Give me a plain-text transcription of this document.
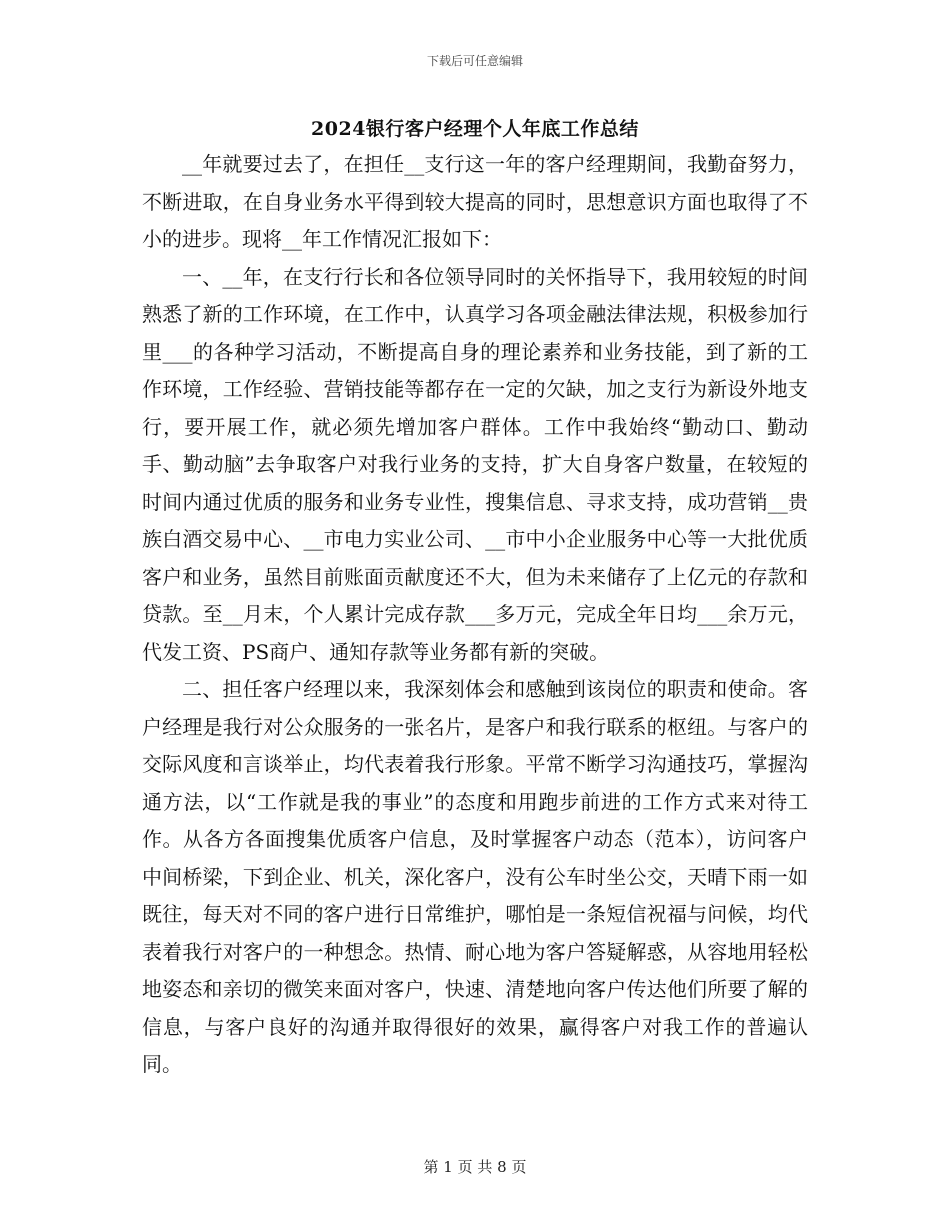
下载后可任意编辑
2024银行客户经理个人年底工作总结

__年就要过去了，在担任__支行这一年的客户经理期间，我勤奋努力，不断进取，在自身业务水平得到较大提高的同时，思想意识方面也取得了不小的进步。现将__年工作情况汇报如下：

一、__年，在支行行长和各位领导同时的关怀指导下，我用较短的时间熟悉了新的工作环境，在工作中，认真学习各项金融法律法规，积极参加行里___的各种学习活动，不断提高自身的理论素养和业务技能，到了新的工作环境，工作经验、营销技能等都存在一定的欠缺，加之支行为新设外地支行，要开展工作，就必须先增加客户群体。工作中我始终“勤动口、勤动手、勤动脑”去争取客户对我行业务的支持，扩大自身客户数量，在较短的时间内通过优质的服务和业务专业性，搜集信息、寻求支持，成功营销__贵族白酒交易中心、__市电力实业公司、__市中小企业服务中心等一大批优质客户和业务，虽然目前账面贡献度还不大，但为未来储存了上亿元的存款和贷款。至__月末，个人累计完成存款___多万元，完成全年日均___余万元，代发工资、PS商户、通知存款等业务都有新的突破。

二、担任客户经理以来，我深刻体会和感触到该岗位的职责和使命。客户经理是我行对公众服务的一张名片，是客户和我行联系的枢纽。与客户的交际风度和言谈举止，均代表着我行形象。平常不断学习沟通技巧，掌握沟通方法，以“工作就是我的事业”的态度和用跑步前进的工作方式来对待工作。从各方各面搜集优质客户信息，及时掌握客户动态（范本），访问客户中间桥梁，下到企业、机关，深化客户，没有公车时坐公交，天晴下雨一如既往，每天对不同的客户进行日常维护，哪怕是一条短信祝福与问候，均代表着我行对客户的一种想念。热情、耐心地为客户答疑解惑，从容地用轻松地姿态和亲切的微笑来面对客户，快速、清楚地向客户传达他们所要了解的信息，与客户良好的沟通并取得很好的效果，赢得客户对我工作的普遍认同。

第 1 页 共 8 页
